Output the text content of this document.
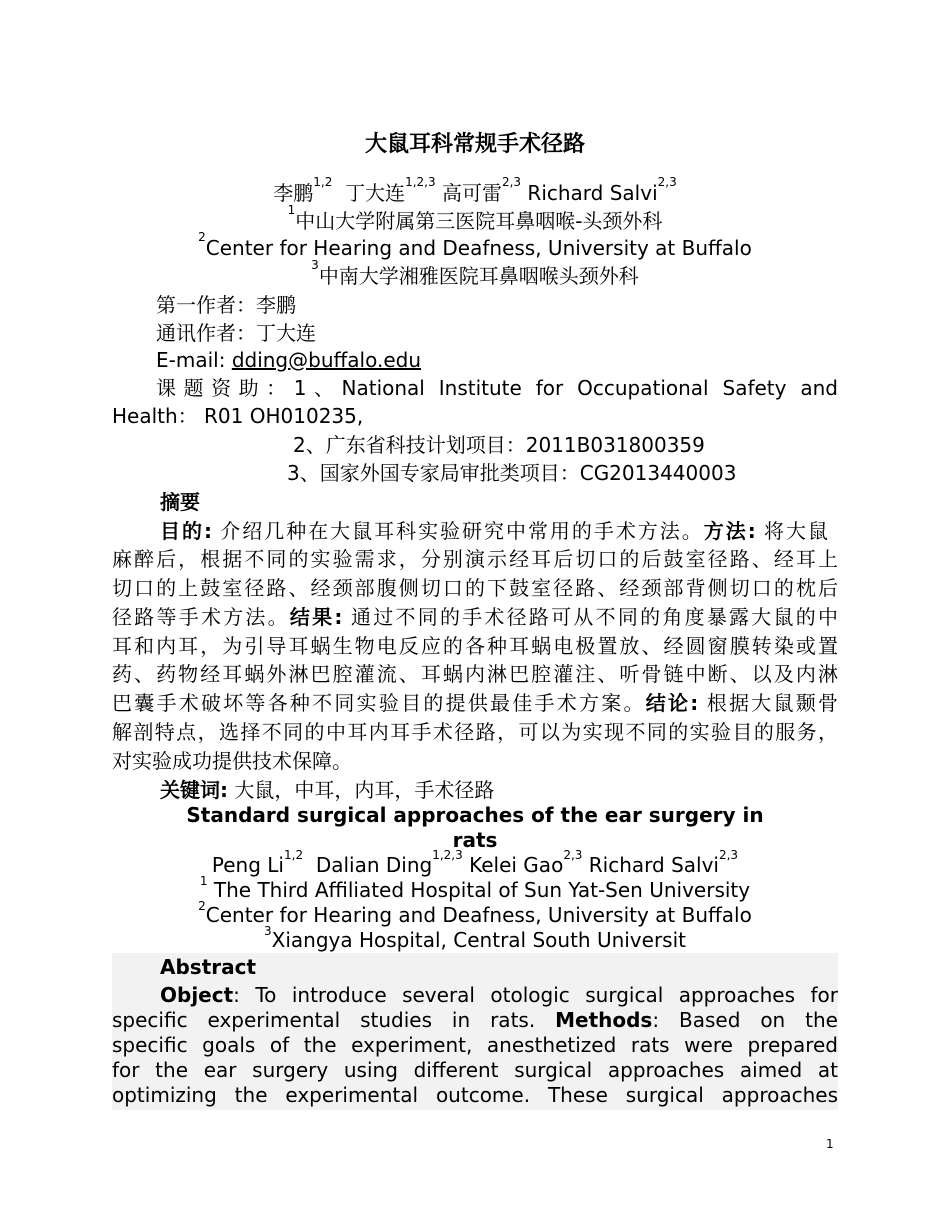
大鼠耳科常规手术径路
李鹏$^{1,2}$ 丁大连$^{1,2,3}$ 高可雷$^{2,3}$ Richard Salvi$^{2,3}$
$^1$中山大学附属第三医院耳鼻咽喉-头颈外科
$^2$Center for Hearing and Deafness, University at Buffalo
$^3$中南大学湘雅医院耳鼻咽喉头颈外科
第一作者：李鹏
通讯作者：丁大连
E-mail: dding@buffalo.edu
课题资助：1、National Institute for Occupational Safety and
Health： R01 OH010235,
2、广东省科技计划项目：2011B031800359
3、国家外国专家局审批类项目：CG2013440003
摘要
目的: 介绍几种在大鼠耳科实验研究中常用的手术方法。方法: 将大鼠
麻醉后，根据不同的实验需求，分别演示经耳后切口的后鼓室径路、经耳上
切口的上鼓室径路、经颈部腹侧切口的下鼓室径路、经颈部背侧切口的枕后
径路等手术方法。结果: 通过不同的手术径路可从不同的角度暴露大鼠的中
耳和内耳，为引导耳蜗生物电反应的各种耳蜗电极置放、经圆窗膜转染或置
药、药物经耳蜗外淋巴腔灌流、耳蜗内淋巴腔灌注、听骨链中断、以及内淋
巴囊手术破坏等各种不同实验目的提供最佳手术方案。结论: 根据大鼠颞骨
解剖特点，选择不同的中耳内耳手术径路，可以为实现不同的实验目的服务，
对实验成功提供技术保障。
关键词: 大鼠，中耳，内耳，手术径路
Standard surgical approaches of the ear surgery in
rats
Peng Li$^{1,2}$ Dalian Ding$^{1,2,3}$ Kelei Gao$^{2,3}$ Richard Salvi$^{2,3}$
$^1$ The Third Affiliated Hospital of Sun Yat-Sen University
$^2$Center for Hearing and Deafness, University at Buffalo
$^3$Xiangya Hospital, Central South Universit
Abstract
Object: To introduce several otologic surgical approaches for
specific experimental studies in rats. Methods: Based on the
specific goals of the experiment, anesthetized rats were prepared
for the ear surgery using different surgical approaches aimed at
optimizing the experimental outcome. These surgical approaches
1
